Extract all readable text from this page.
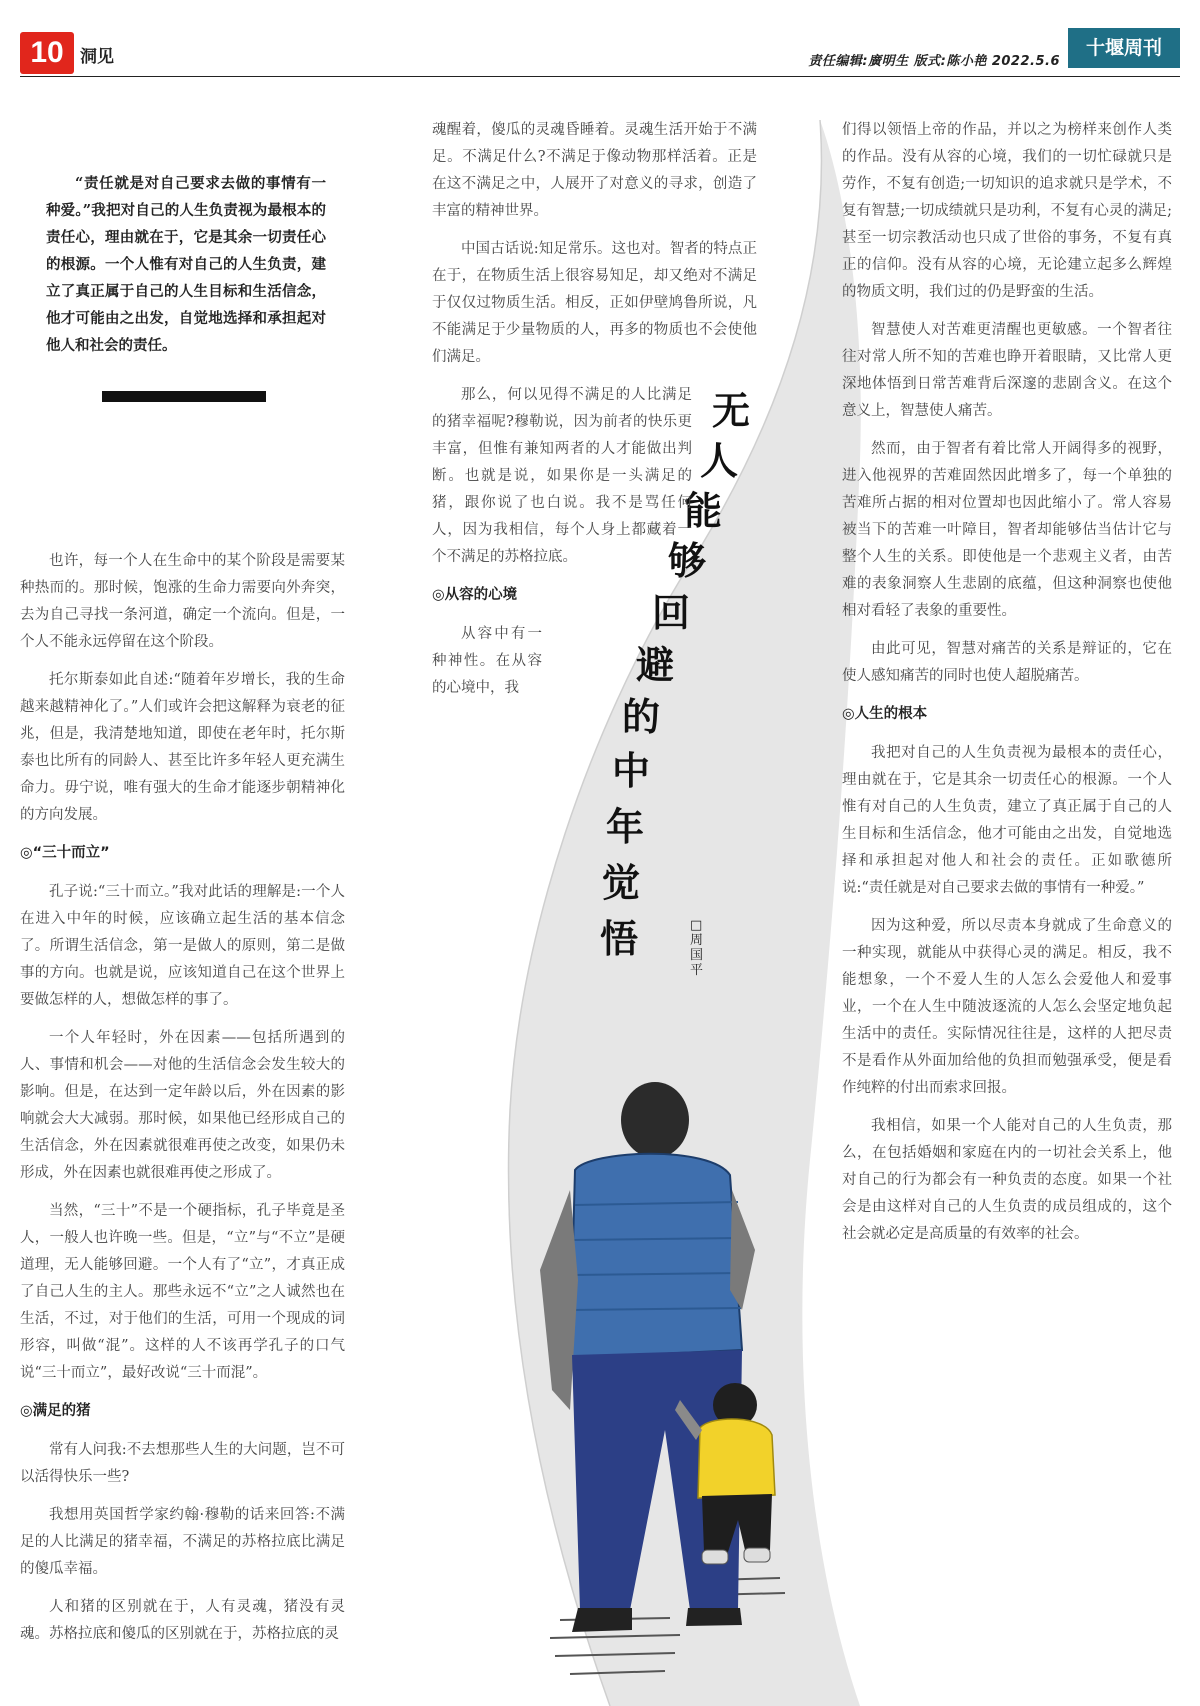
10 洞见	责任编辑:廣明生 版式:陈小艳 2022.5.6
十堰周刊

“责任就是对自己要求去做的事情有一种爱。”我把对自己的人生负责视为最根本的责任心，理由就在于，它是其余一切责任心的根源。一个人惟有对自己的人生负责，建立了真正属于自己的人生目标和生活信念，他才可能由之出发，自觉地选择和承担起对他人和社会的责任。

无
人
能
够
回
避
的
中
年
觉
悟	□周国平

也许，每一个人在生命中的某个阶段是需要某种热而的。那时候，饱涨的生命力需要向外奔突，去为自己寻找一条河道，确定一个流向。但是，一个人不能永远停留在这个阶段。

托尔斯泰如此自述:“随着年岁增长，我的生命越来越精神化了。”人们或许会把这解释为衰老的征兆，但是，我清楚地知道，即使在老年时，托尔斯泰也比所有的同龄人、甚至比许多年轻人更充满生命力。毋宁说，唯有强大的生命才能逐步朝精神化的方向发展。

◎“三十而立”

孔子说:“三十而立。”我对此话的理解是:一个人在进入中年的时候，应该确立起生活的基本信念了。所谓生活信念，第一是做人的原则，第二是做事的方向。也就是说，应该知道自己在这个世界上要做怎样的人，想做怎样的事了。

一个人年轻时，外在因素——包括所遇到的人、事情和机会——对他的生活信念会发生较大的影响。但是，在达到一定年龄以后，外在因素的影响就会大大减弱。那时候，如果他已经形成自己的生活信念，外在因素就很难再使之改变，如果仍未形成，外在因素也就很难再使之形成了。

当然，“三十”不是一个硬指标，孔子毕竟是圣人，一般人也许晚一些。但是，“立”与“不立”是硬道理，无人能够回避。一个人有了“立”，才真正成了自己人生的主人。那些永远不“立”之人诚然也在生活，不过，对于他们的生活，可用一个现成的词形容，叫做“混”。这样的人不该再学孔子的口气说“三十而立”，最好改说“三十而混”。

◎满足的猪

常有人问我:不去想那些人生的大问题，岂不可以活得快乐一些?

我想用英国哲学家约翰·穆勒的话来回答:不满足的人比满足的猪幸福，不满足的苏格拉底比满足的傻瓜幸福。

人和猪的区别就在于，人有灵魂，猪没有灵魂。苏格拉底和傻瓜的区别就在于，苏格拉底的灵

魂醒着，傻瓜的灵魂昏睡着。灵魂生活开始于不满足。不满足什么?不满足于像动物那样活着。正是在这不满足之中，人展开了对意义的寻求，创造了丰富的精神世界。

中国古话说:知足常乐。这也对。智者的特点正在于，在物质生活上很容易知足，却又绝对不满足于仅仅过物质生活。相反，正如伊壁鸠鲁所说，凡不能满足于少量物质的人，再多的物质也不会使他们满足。

那么，何以见得不满足的人比满足的猪幸福呢?穆勒说，因为前者的快乐更丰富，但惟有兼知两者的人才能做出判断。也就是说，如果你是一头满足的猪，跟你说了也白说。我不是骂任何人，因为我相信，每个人身上都藏着一个不满足的苏格拉底。

◎从容的心境

从容中有一种神性。在从容的心境中，我

们得以领悟上帝的作品，并以之为榜样来创作人类的作品。没有从容的心境，我们的一切忙碌就只是劳作，不复有创造;一切知识的追求就只是学术，不复有智慧;一切成绩就只是功利，不复有心灵的满足;甚至一切宗教活动也只成了世俗的事务，不复有真正的信仰。没有从容的心境，无论建立起多么辉煌的物质文明，我们过的仍是野蛮的生活。

智慧使人对苦难更清醒也更敏感。一个智者往往对常人所不知的苦难也睁开着眼睛，又比常人更深地体悟到日常苦难背后深邃的悲剧含义。在这个意义上，智慧使人痛苦。

然而，由于智者有着比常人开阔得多的视野，进入他视界的苦难固然因此增多了，每一个单独的苦难所占据的相对位置却也因此缩小了。常人容易被当下的苦难一叶障目，智者却能够估当估计它与整个人生的关系。即使他是一个悲观主义者，由苦难的表象洞察人生悲剧的底蕴，但这种洞察也使他相对看轻了表象的重要性。

由此可见，智慧对痛苦的关系是辩证的，它在使人感知痛苦的同时也使人超脱痛苦。

◎人生的根本

我把对自己的人生负责视为最根本的责任心，理由就在于，它是其余一切责任心的根源。一个人惟有对自己的人生负责，建立了真正属于自己的人生目标和生活信念，他才可能由之出发，自觉地选择和承担起对他人和社会的责任。正如歌德所说:“责任就是对自己要求去做的事情有一种爱。”

因为这种爱，所以尽责本身就成了生命意义的一种实现，就能从中获得心灵的满足。相反，我不能想象，一个不爱人生的人怎么会爱他人和爱事业，一个在人生中随波逐流的人怎么会坚定地负起生活中的责任。实际情况往往是，这样的人把尽责不是看作从外面加给他的负担而勉强承受，便是看作纯粹的付出而索求回报。

我相信，如果一个人能对自己的人生负责，那么，在包括婚姻和家庭在内的一切社会关系上，他对自己的行为都会有一种负责的态度。如果一个社会是由这样对自己的人生负责的成员组成的，这个社会就必定是高质量的有效率的社会。
